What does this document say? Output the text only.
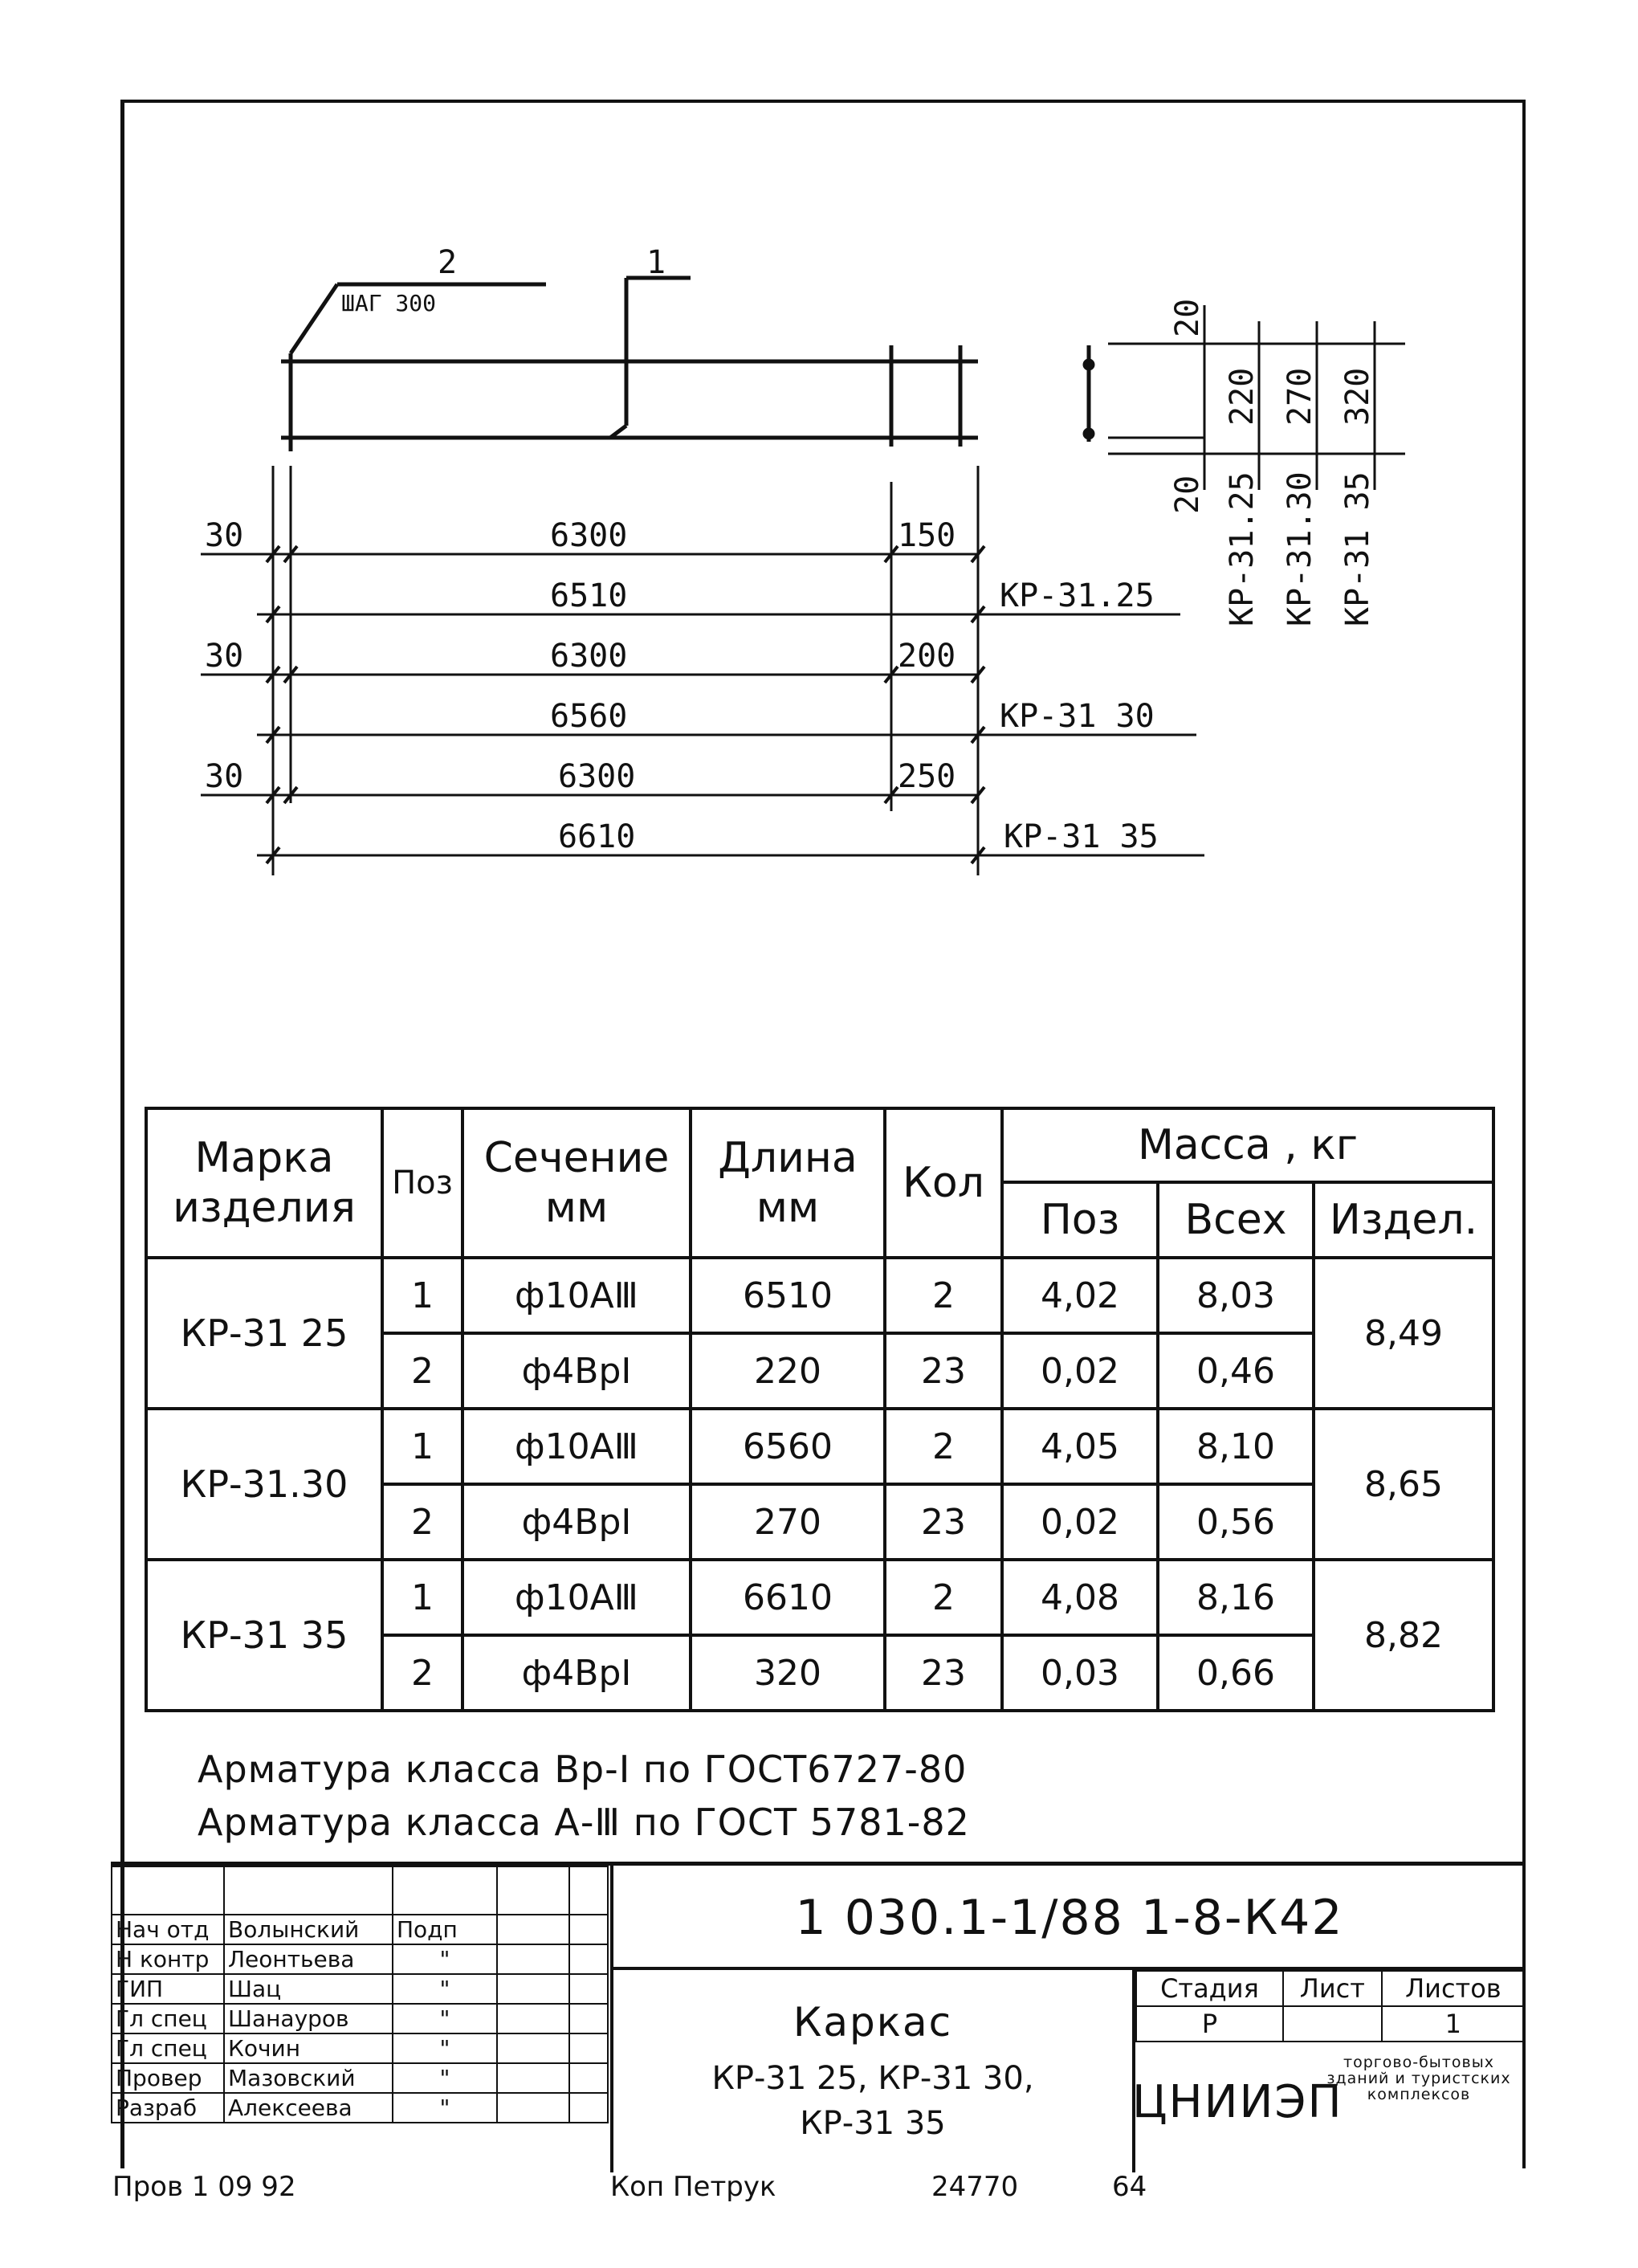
2
ШАГ 300
1
30	6300	150
6510	КР-31.25
30	6300	200
6560	КР-31 30
30	6300	250
6610	КР-31 35
20
20
220 270 320
КР-31.25 КР-31.30 КР-31 35
Марка изделия	Поз	Сечение мм	Длина мм	Кол	Масса , кг		
					Поз	Всех	Издел.
КР-31 25	1	ф10АⅢ	6510	2	4,02	8,03	8,49
	2	ф4ВрⅠ	220	23	0,02	0,46	
КР-31.30	1	ф10АⅢ	6560	2	4,05	8,10	8,65
	2	ф4ВрⅠ	270	23	0,02	0,56	
КР-31 35	1	ф10АⅢ	6610	2	4,08	8,16	8,82
	2	ф4ВрⅠ	320	23	0,03	0,66	
Арматура класса Вр-Ⅰ по ГОСТ6727-80
Арматура класса А-Ⅲ по ГОСТ 5781-82

Нач отд	Волынский	Подп		
Н контр	Леонтьева	"		
ГИП	Шац	"		
Гл спец	Шанауров	"		
Гл спец	Кочин	"		
Провер	Мазовский	"		
Разраб	Алексеева	"		
1 030.1-1/88 1-8-К42
Каркас
КР-31 25, КР-31 30,
КР-31 35
Стадия	Лист	Листов
Р		1
ЦНИИЭП
торгово-бытовых зданий и туристских комплексов
Пров 1 09 92	Коп Петрук	24770	64
